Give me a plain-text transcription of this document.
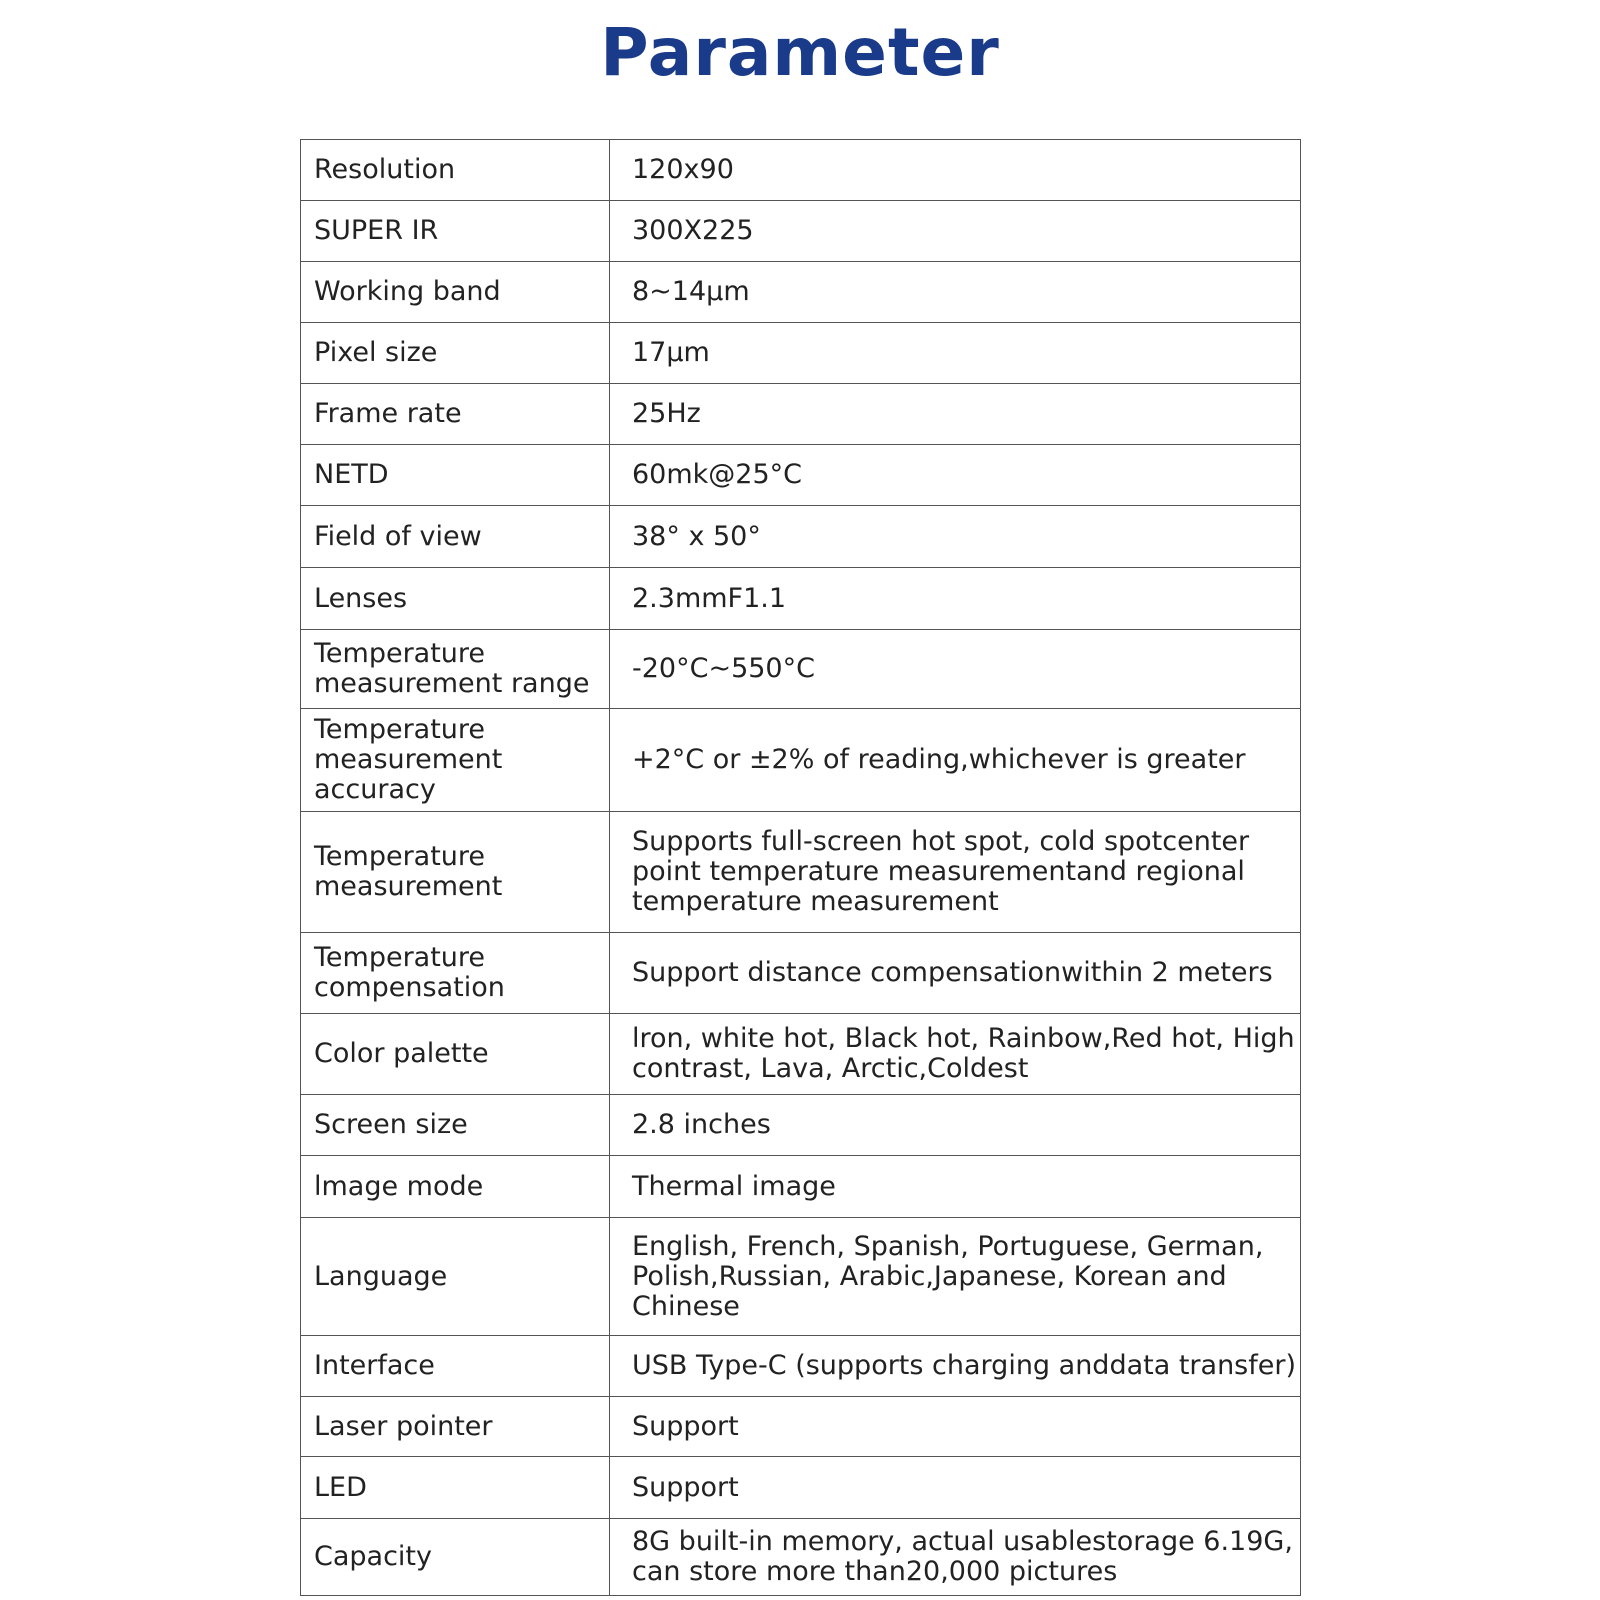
Parameter
Resolution	120x90
SUPER IR	300X225
Working band	8~14μm
Pixel size	17μm
Frame rate	25Hz
NETD	60mk@25°C
Field of view	38° x 50°
Lenses	2.3mmF1.1
Temperature measurement range	-20°C~550°C
Temperature measurement accuracy	+2°C or ±2% of reading,whichever is greater
Temperature measurement	Supports full-screen hot spot, cold spotcenter point temperature measurementand regional temperature measurement
Temperature compensation	Support distance compensationwithin 2 meters
Color palette	lron, white hot, Black hot, Rainbow,Red hot, High contrast, Lava, Arctic,Coldest
Screen size	2.8 inches
lmage mode	Thermal image
Language	English, French, Spanish, Portuguese, German, Polish,Russian, Arabic,Japanese, Korean and Chinese
Interface	USB Type-C (supports charging anddata transfer)
Laser pointer	Support
LED	Support
Capacity	8G built-in memory, actual usablestorage 6.19G, can store more than20,000 pictures
